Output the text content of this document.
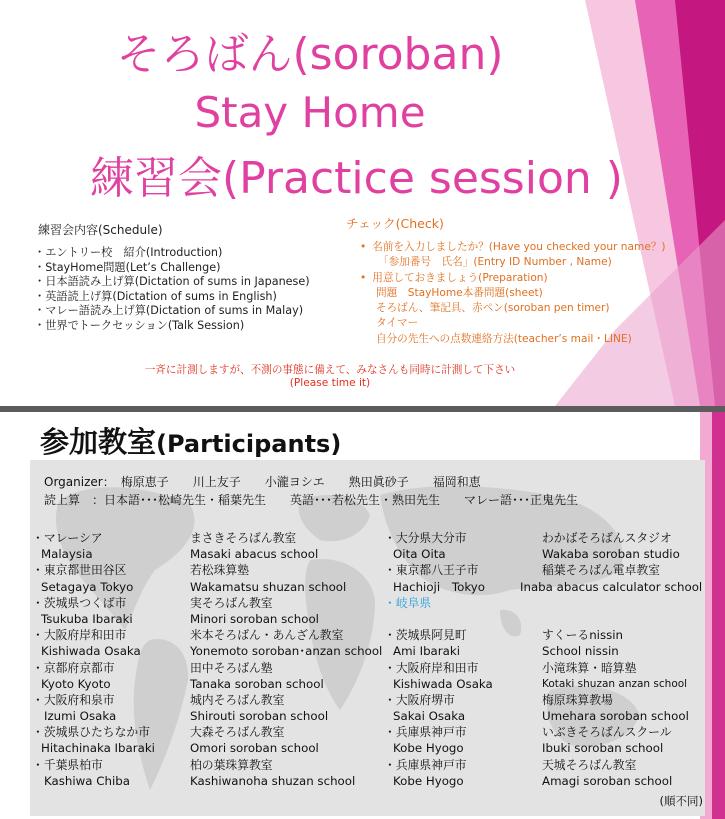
そろばん(soroban)
Stay Home
練習会(Practice session )
練習会内容(Schedule)
・ エントリー校　紹介(Introduction)
・ StayHome問題(Let’s Challenge)
・ 日本語読み上げ算(Dictation of sums in Japanese)
・ 英語読上げ算(Dictation of sums in English)
・ マレー語読み上げ算(Dictation of sums in Malay)
・ 世界でトークセッション(Talk Session)
チェック(Check)
• 名前を入力しましたか？(Have you checked your name？)
「参加番号　氏名」(Entry ID Number , Name)
• 用意しておきましょう(Preparation)
問題　StayHome本番問題(sheet)
そろばん、筆記具、赤ペン(soroban pen timer)
タイマー
自分の先生への点数連絡方法(teacher’s mail・LINE)
一斉に計測しますが、不測の事態に備えて、みなさんも同時に計測して下さい
(Please time it)
参加教室(Participants)
Organizer：　梅原恵子　　川上友子　　小瀧ヨシエ　　熟田眞砂子　　福岡和恵
読上算　：日本語･･･松崎先生・稲葉先生　　英語･･･若松先生・熟田先生　　マレー語･･･正鬼先生
・ マレーシア
Malaysia
・ 東京都世田谷区
Setagaya Tokyo
・ 茨城県つくば市
Tsukuba Ibaraki
・ 大阪府岸和田市
Kishiwada Osaka
・ 京都府京都市
Kyoto Kyoto
・ 大阪府和泉市
Izumi Osaka
・ 茨城県ひたちなか市
Hitachinaka Ibaraki
・ 千葉県柏市
Kashiwa Chiba
まさきそろばん教室
Masaki abacus school
若松珠算塾
Wakamatsu shuzan school
実そろばん教室
Minori soroban school
米本そろばん・あんざん教室
Yonemoto soroban･anzan school
田中そろばん塾
Tanaka soroban school
城内そろばん教室
Shirouti soroban school
大森そろばん教室
Omori soroban school
柏の葉珠算教室
Kashiwanoha shuzan school
・ 大分県大分市
Oita Oita
・ 東京都八王子市
Hachioji　Tokyo
・ 岐阜県
・ 茨城県阿見町
Ami Ibaraki
・ 大阪府岸和田市
Kishiwada Osaka
・ 大阪府堺市
Sakai Osaka
・ 兵庫県神戸市
Kobe Hyogo
・ 兵庫県神戸市
Kobe Hyogo
わかばそろばんスタジオ
Wakaba soroban studio
稲葉そろばん電卓教室
Inaba abacus calculator school
すくーるnissin
School nissin
小滝珠算・暗算塾
Kotaki shuzan anzan school
梅原珠算教場
Umehara soroban school
いぶきそろばんスクール
Ibuki soroban school
天城そろばん教室
Amagi soroban school
(順不同)
